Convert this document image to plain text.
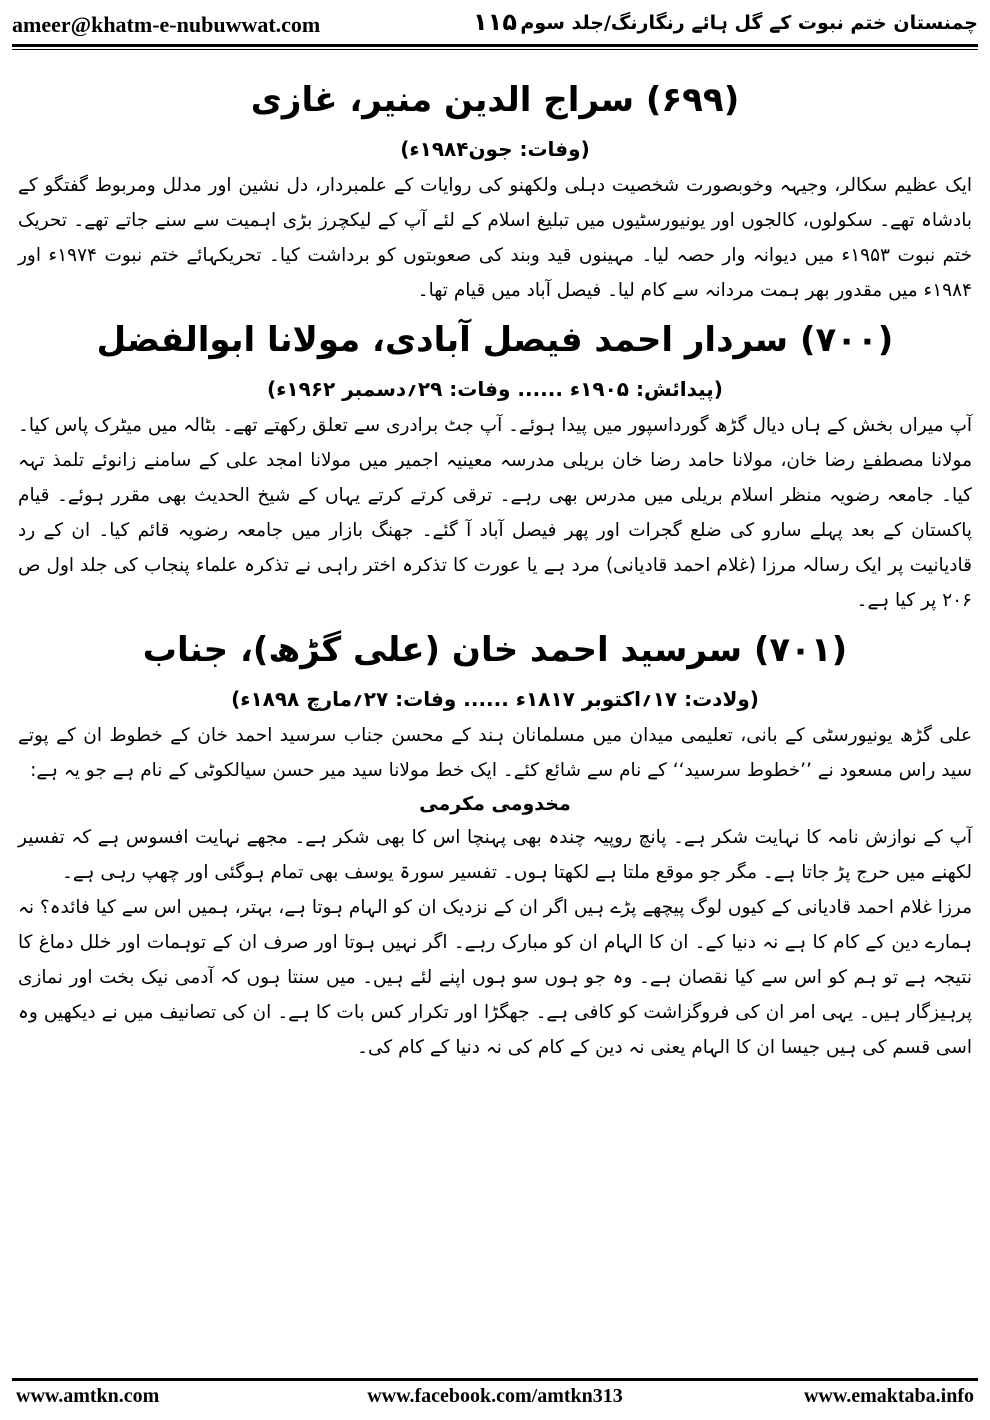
ameer@khatm-e-nubuwwat.com	۱۱۵ چمنستان ختم نبوت کے گل ہائے رنگارنگ/جلد سوم
(۶۹۹) سراج الدین منیر، غازی
(وفات: جون۱۹۸۴ء)

ایک عظیم سکالر، وجیہہ وخوبصورت شخصیت دہلی ولکھنو کی روایات کے علمبردار، دل نشین اور مدلل ومربوط گفتگو کے بادشاہ تھے۔ سکولوں، کالجوں اور یونیورسٹیوں میں تبلیغ اسلام کے لئے آپ کے لیکچرز بڑی اہمیت سے سنے جاتے تھے۔ تحریک ختم نبوت ۱۹۵۳ء میں دیوانہ وار حصہ لیا۔ مہینوں قید وبند کی صعوبتوں کو برداشت کیا۔ تحریکہائے ختم نبوت ۱۹۷۴ء اور ۱۹۸۴ء میں مقدور بھر ہمت مردانہ سے کام لیا۔ فیصل آباد میں قیام تھا۔

(۷۰۰) سردار احمد فیصل آبادی، مولانا ابوالفضل
(پیدائش: ۱۹۰۵ء ...... وفات: ۲۹؍دسمبر ۱۹۶۲ء)

آپ میراں بخش کے ہاں دیال گڑھ گورداسپور میں پیدا ہوئے۔ آپ جٹ برادری سے تعلق رکھتے تھے۔ بٹالہ میں میٹرک پاس کیا۔ مولانا مصطفےٰ رضا خان، مولانا حامد رضا خان بریلی مدرسہ معینیہ اجمیر میں مولانا امجد علی کے سامنے زانوئے تلمذ تہہ کیا۔ جامعہ رضویہ منظر اسلام بریلی میں مدرس بھی رہے۔ ترقی کرتے کرتے یہاں کے شیخ الحدیث بھی مقرر ہوئے۔ قیام پاکستان کے بعد پہلے سارو کی ضلع گجرات اور پھر فیصل آباد آ گئے۔ جھنگ بازار میں جامعہ رضویہ قائم کیا۔ ان کے رد قادیانیت پر ایک رسالہ مرزا (غلام احمد قادیانی) مرد ہے یا عورت کا تذکرہ اختر راہی نے تذکرہ علماء پنجاب کی جلد اول ص ۲۰۶ پر کیا ہے۔

(۷۰۱) سرسید احمد خان (علی گڑھ)، جناب
(ولادت: ۱۷؍اکتوبر ۱۸۱۷ء ...... وفات: ۲۷؍مارچ ۱۸۹۸ء)

علی گڑھ یونیورسٹی کے بانی، تعلیمی میدان میں مسلمانان ہند کے محسن جناب سرسید احمد خان کے خطوط ان کے پوتے سید راس مسعود نے ’’خطوط سرسید‘‘ کے نام سے شائع کئے۔ ایک خط مولانا سید میر حسن سیالکوٹی کے نام ہے جو یہ ہے:

مخدومی مکرمی

آپ کے نوازش نامہ کا نہایت شکر ہے۔ پانچ روپیہ چندہ بھی پہنچا اس کا بھی شکر ہے۔ مجھے نہایت افسوس ہے کہ تفسیر لکھنے میں حرج پڑ جاتا ہے۔ مگر جو موقع ملتا ہے لکھتا ہوں۔ تفسیر سورۃ یوسف بھی تمام ہوگئی اور چھپ رہی ہے۔

مرزا غلام احمد قادیانی کے کیوں لوگ پیچھے پڑے ہیں اگر ان کے نزدیک ان کو الہام ہوتا ہے، بہتر، ہمیں اس سے کیا فائدہ؟ نہ ہمارے دین کے کام کا ہے نہ دنیا کے۔ ان کا الہام ان کو مبارک رہے۔ اگر نہیں ہوتا اور صرف ان کے توہمات اور خلل دماغ کا نتیجہ ہے تو ہم کو اس سے کیا نقصان ہے۔ وہ جو ہوں سو ہوں اپنے لئے ہیں۔ میں سنتا ہوں کہ آدمی نیک بخت اور نمازی پرہیزگار ہیں۔ یہی امر ان کی فروگزاشت کو کافی ہے۔ جھگڑا اور تکرار کس بات کا ہے۔ ان کی تصانیف میں نے دیکھیں وہ اسی قسم کی ہیں جیسا ان کا الہام یعنی نہ دین کے کام کی نہ دنیا کے کام کی۔

www.amtkn.com	www.facebook.com/amtkn313	www.emaktaba.info
